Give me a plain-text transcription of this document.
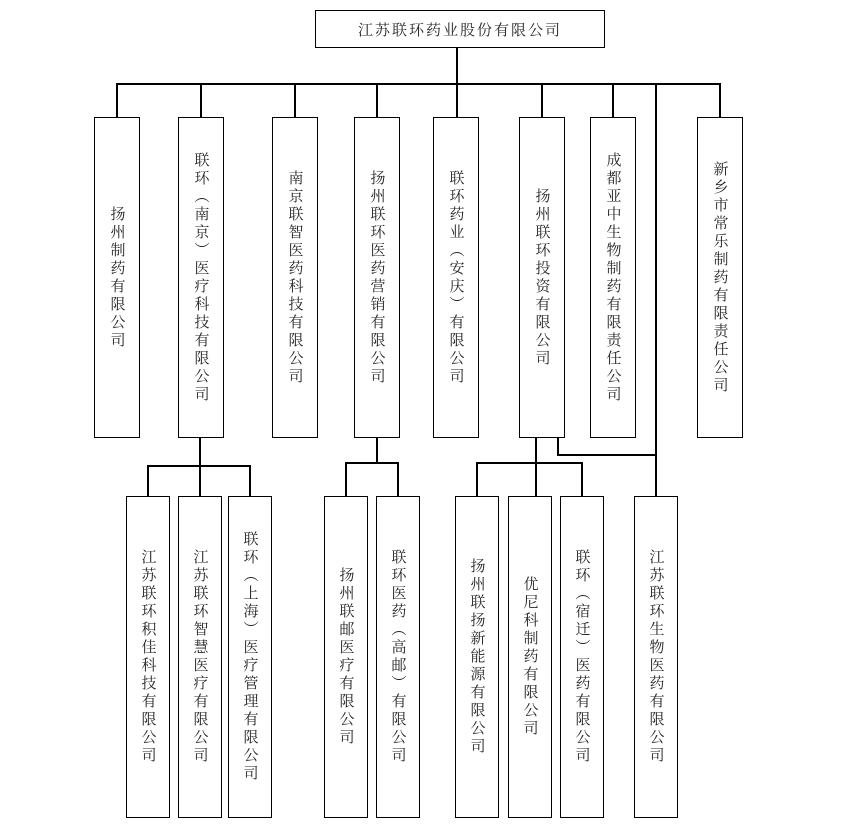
江苏联环药业股份有限公司
扬州制药有限公司	联环（南京）医疗科技有限公司	南京联智医药科技有限公司	扬州联环医药营销有限公司	联环药业（安庆）有限公司	扬州联环投资有限公司	成都亚中生物制药有限责任公司	新乡市常乐制药有限责任公司
江苏联环积佳科技有限公司 江苏联环智慧医疗有限公司 联环（上海）医疗管理有限公司	扬州联邮医疗有限公司 联环医药（高邮）有限公司	扬州联扬新能源有限公司 优尼科制药有限公司 联环（宿迁）医药有限公司	江苏联环生物医药有限公司
